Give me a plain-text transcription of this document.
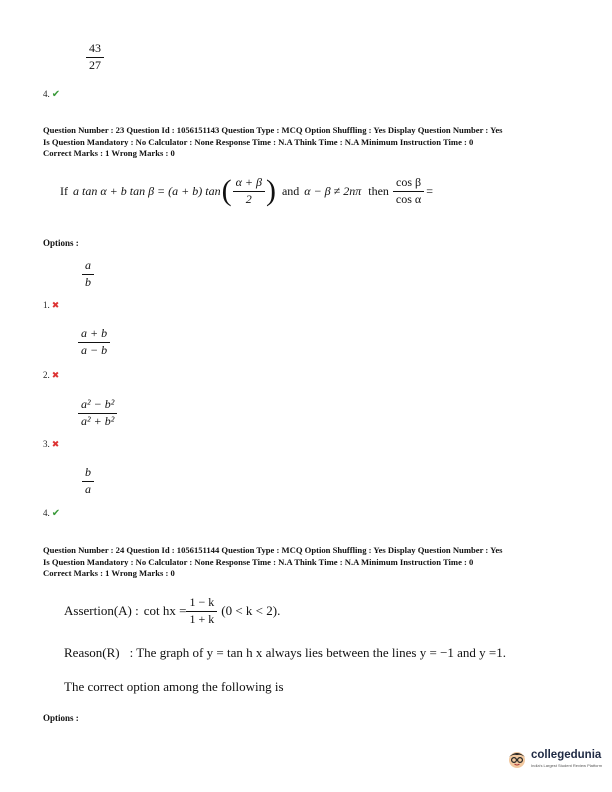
$\frac{43}{27}$
4. ✔
Question Number : 23 Question Id : 1056151143 Question Type : MCQ Option Shuffling : Yes Display Question Number : Yes
Is Question Mandatory : No Calculator : None Response Time : N.A Think Time : N.A Minimum Instruction Time : 0
Correct Marks : 1 Wrong Marks : 0
If a tan α + b tan β = (a + b) tan ( $\frac{\alpha + \beta}{2}$ ) and α − β ≠ 2nπ then $\frac{\text{cos β}}{\text{cos α}}$ =
Options :
$\frac{a}{b}$
1. ✖
$\frac{a + b}{a - b}$
2. ✖
$\frac{\text{a² − b²}}{\text{a² + b²}}$
3. ✖
$\frac{b}{a}$
4. ✔
Question Number : 24 Question Id : 1056151144 Question Type : MCQ Option Shuffling : Yes Display Question Number : Yes
Is Question Mandatory : No Calculator : None Response Time : N.A Think Time : N.A Minimum Instruction Time : 0
Correct Marks : 1 Wrong Marks : 0
Assertion(A) : cot hx = $\frac{1 - k}{1 + k} (0 < k < 2)$.
Reason(R) : The graph of y = tan h x always lies between the lines y = −1 and y =1.
The correct option among the following is
Options :
collegedunia
India's Largest Student Review Platform
